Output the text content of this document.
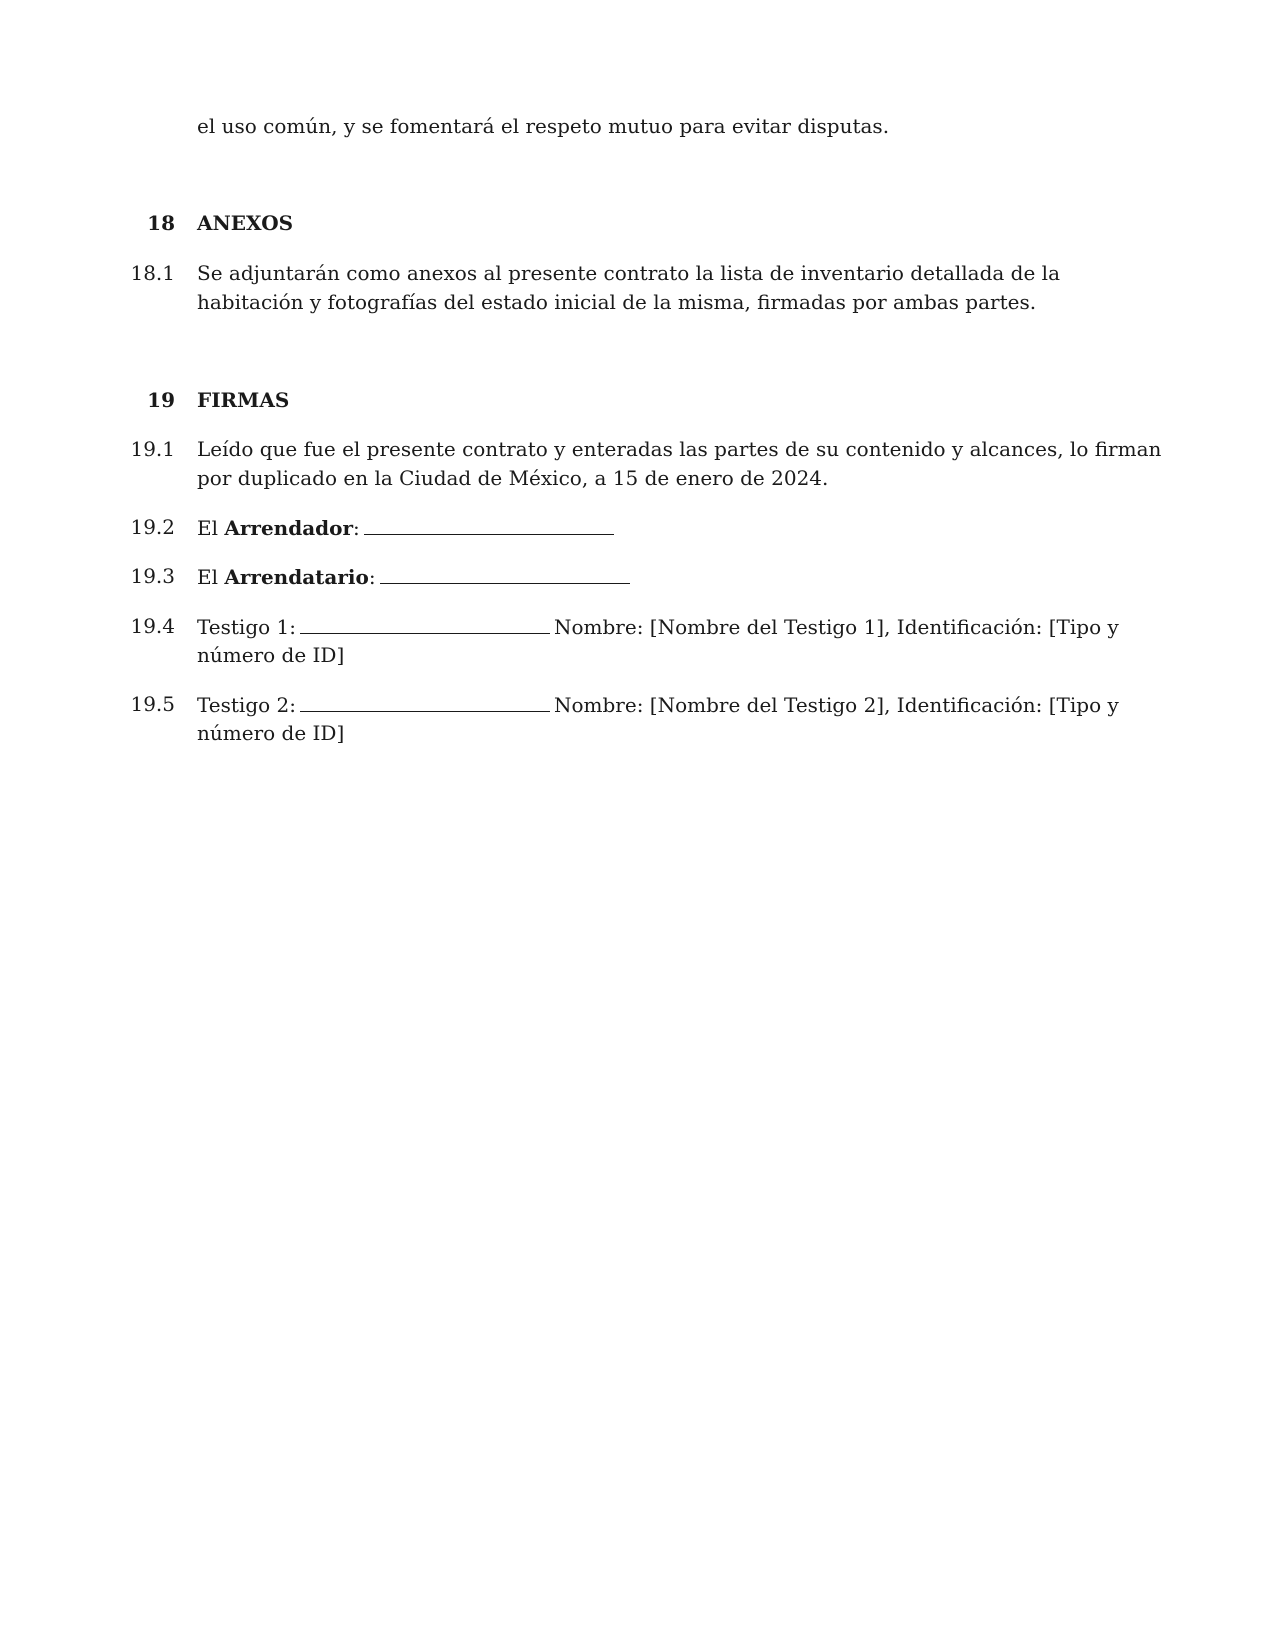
el uso común, y se fomentará el respeto mutuo para evitar disputas.
18 ANEXOS
18.1 Se adjuntarán como anexos al presente contrato la lista de inventario detallada de la
habitación y fotografías del estado inicial de la misma, firmadas por ambas partes.
19 FIRMAS
19.1 Leído que fue el presente contrato y enteradas las partes de su contenido y alcances, lo firman
por duplicado en la Ciudad de México, a 15 de enero de 2024.
19.2 El Arrendador:
19.3 El Arrendatario:
19.4 Testigo 1:	Nombre: [Nombre del Testigo 1], Identificación: [Tipo y
número de ID]
19.5 Testigo 2:	Nombre: [Nombre del Testigo 2], Identificación: [Tipo y
número de ID]
